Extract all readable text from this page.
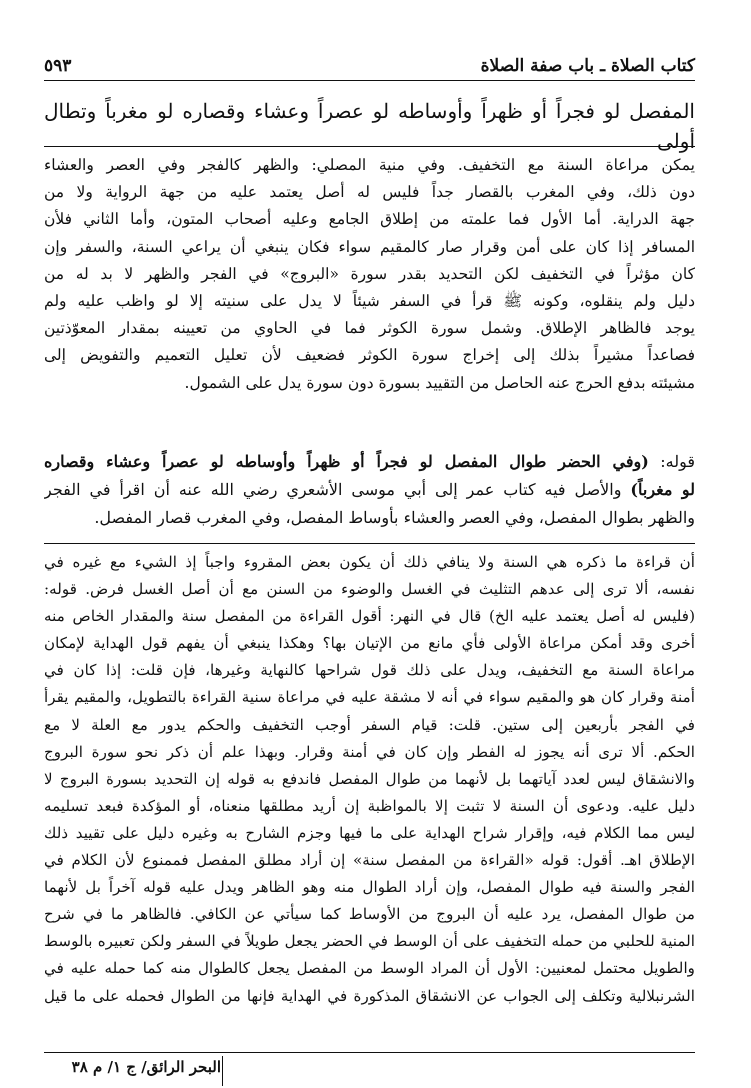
كتاب الصلاة ـ باب صفة الصلاة
٥٩٣
المفصل لو فجراً أو ظهراً وأوساطه لو عصراً وعشاء وقصاره لو مغرباً وتطال أولى
يمكن مراعاة السنة مع التخفيف. وفي منية المصلي: والظهر كالفجر وفي العصر والعشاء
دون ذلك، وفي المغرب بالقصار جداً فليس له أصل يعتمد عليه من جهة الرواية ولا من
جهة الدراية. أما الأول فما علمته من إطلاق الجامع وعليه أصحاب المتون، وأما الثاني فلأن
المسافر إذا كان على أمن وقرار صار كالمقيم سواء فكان ينبغي أن يراعي السنة، والسفر وإن
كان مؤثراً في التخفيف لكن التحديد بقدر سورة «البروج» في الفجر والظهر لا بد له من
دليل ولم ينقلوه، وكونه ﷺ قرأ في السفر شيئاً لا يدل على سنيته إلا لو واظب عليه ولم
يوجد فالظاهر الإطلاق. وشمل سورة الكوثر فما في الحاوي من تعيينه بمقدار المعوّذتين
فصاعداً مشيراً بذلك إلى إخراج سورة الكوثر فضعيف لأن تعليل التعميم والتفويض إلى
مشيئته بدفع الحرج عنه الحاصل من التقييد بسورة دون سورة يدل على الشمول.
قوله: (وفي الحضر طوال المفصل لو فجراً أو ظهراً وأوساطه لو عصراً وعشاء وقصاره
لو مغرباً) والأصل فيه كتاب عمر إلى أبي موسى الأشعري رضي الله عنه أن اقرأ في الفجر
والظهر بطوال المفصل، وفي العصر والعشاء بأوساط المفصل، وفي المغرب قصار المفصل.
أن قراءة ما ذكره هي السنة ولا ينافي ذلك أن يكون بعض المقروء واجباً إذ الشيء مع غيره في
نفسه، ألا ترى إلى عدهم التثليث في الغسل والوضوء من السنن مع أن أصل الغسل فرض. قوله:
(فليس له أصل يعتمد عليه الخ) قال في النهر: أقول القراءة من المفصل سنة والمقدار الخاص منه
أخرى وقد أمكن مراعاة الأولى فأي مانع من الإتيان بها؟ وهكذا ينبغي أن يفهم قول الهداية لإمكان
مراعاة السنة مع التخفيف، ويدل على ذلك قول شراحها كالنهاية وغيرها، فإن قلت: إذا كان في
أمنة وقرار كان هو والمقيم سواء في أنه لا مشقة عليه في مراعاة سنية القراءة بالتطويل، والمقيم يقرأ
في الفجر بأربعين إلى ستين. قلت: قيام السفر أوجب التخفيف والحكم يدور مع العلة لا مع
الحكم. ألا ترى أنه يجوز له الفطر وإن كان في أمنة وقرار. وبهذا علم أن ذكر نحو سورة البروج
والانشقاق ليس لعدد آياتهما بل لأنهما من طوال المفصل فاندفع به قوله إن التحديد بسورة البروج لا
دليل عليه. ودعوى أن السنة لا تثبت إلا بالمواظبة إن أريد مطلقها منعناه، أو المؤكدة فبعد تسليمه
ليس مما الكلام فيه، وإقرار شراح الهداية على ما فيها وجزم الشارح به وغيره دليل على تقييد ذلك
الإطلاق اهـ. أقول: قوله «القراءة من المفصل سنة» إن أراد مطلق المفصل فممنوع لأن الكلام في
الفجر والسنة فيه طوال المفصل، وإن أراد الطوال منه وهو الظاهر ويدل عليه قوله آخراً بل لأنهما
من طوال المفصل، يرد عليه أن البروج من الأوساط كما سيأتي عن الكافي. فالظاهر ما في شرح
المنية للحلبي من حمله التخفيف على أن الوسط في الحضر يجعل طويلاً في السفر ولكن تعبيره بالوسط
والطويل محتمل لمعنيين: الأول أن المراد الوسط من المفصل يجعل كالطوال منه كما حمله عليه في
الشرنبلالية وتكلف إلى الجواب عن الانشقاق المذكورة في الهداية فإنها من الطوال فحمله على ما قيل
البحر الرائق/ ج ١/ م ٣٨
